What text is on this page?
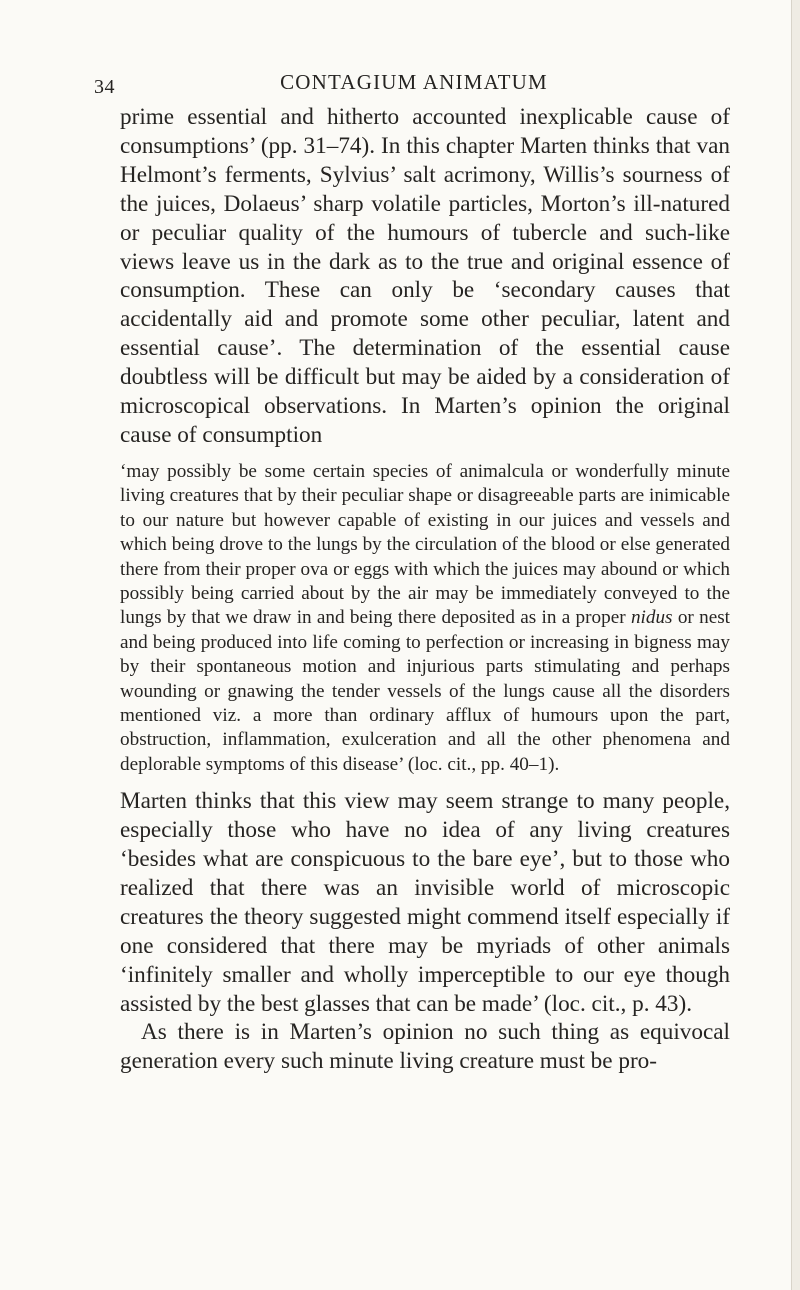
34	CONTAGIUM ANIMATUM

prime essential and hitherto accounted inexplicable cause of consumptions’ (pp. 31–74). In this chapter Marten thinks that van Helmont’s ferments, Sylvius’ salt acrimony, Willis’s sourness of the juices, Dolaeus’ sharp volatile particles, Morton’s ill-natured or peculiar quality of the humours of tubercle and such-like views leave us in the dark as to the true and original essence of consumption. These can only be ‘secondary causes that accidentally aid and promote some other peculiar, latent and essential cause’. The determination of the essential cause doubtless will be difficult but may be aided by a consideration of microscopical observations. In Marten’s opinion the original cause of consumption

‘may possibly be some certain species of animalcula or wonderfully minute living creatures that by their peculiar shape or disagreeable parts are inimicable to our nature but however capable of existing in our juices and vessels and which being drove to the lungs by the circulation of the blood or else generated there from their proper ova or eggs with which the juices may abound or which possibly being carried about by the air may be immediately conveyed to the lungs by that we draw in and being there deposited as in a proper nidus or nest and being produced into life coming to perfection or increasing in bigness may by their spontaneous motion and injurious parts stimulating and perhaps wounding or gnawing the tender vessels of the lungs cause all the disorders mentioned viz. a more than ordinary afflux of humours upon the part, obstruction, inflammation, exulceration and all the other phenomena and deplorable symptoms of this disease’ (loc. cit., pp. 40–1).

Marten thinks that this view may seem strange to many people, especially those who have no idea of any living creatures ‘besides what are conspicuous to the bare eye’, but to those who realized that there was an invisible world of microscopic creatures the theory suggested might commend itself especially if one considered that there may be myriads of other animals ‘infinitely smaller and wholly imperceptible to our eye though assisted by the best glasses that can be made’ (loc. cit., p. 43).

As there is in Marten’s opinion no such thing as equivocal generation every such minute living creature must be pro-
